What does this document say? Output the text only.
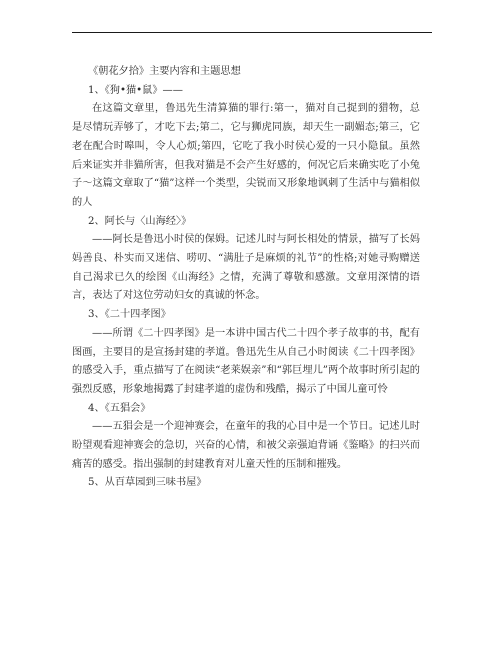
《朝花夕拾》主要内容和主题思想

1、《狗•猫•鼠》——

在这篇文章里，鲁迅先生清算猫的罪行:第一，猫对自己捉到的猎物，总是尽情玩弄够了，才吃下去;第二，它与狮虎同族，却天生一副媚态;第三，它老在配合时嗥叫，令人心烦;第四，它吃了我小时侯心爱的一只小隐鼠。虽然后来证实并非猫所害，但我对猫是不会产生好感的，何况它后来确实吃了小兔子～这篇文章取了“猫”这样一个类型，尖锐而又形象地讽刺了生活中与猫相似的人

2、阿长与〈山海经〉》

——阿长是鲁迅小时侯的保姆。记述儿时与阿长相处的情景，描写了长妈妈善良、朴实而又迷信、唠叨、“满肚子是麻烦的礼节”的性格;对她寻购赠送自己渴求已久的绘图《山海经》之情，充满了尊敬和感激。文章用深情的语言，表达了对这位劳动妇女的真诚的怀念。

3、《二十四孝图》

——所谓《二十四孝图》是一本讲中国古代二十四个孝子故事的书，配有图画，主要目的是宣扬封建的孝道。鲁迅先生从自己小时阅读《二十四孝图》的感受入手，重点描写了在阅读“老莱娱亲”和“郭巨埋儿”两个故事时所引起的强烈反感，形象地揭露了封建孝道的虚伪和残酷，揭示了中国儿童可怜

4、《五猖会》

——五猖会是一个迎神赛会，在童年的我的心目中是一个节日。记述儿时盼望观看迎神赛会的急切，兴奋的心情，和被父亲强迫背诵《鉴略》的扫兴而痛苦的感受。指出强制的封建教育对儿童天性的压制和摧残。

5、从百草园到三味书屋》
